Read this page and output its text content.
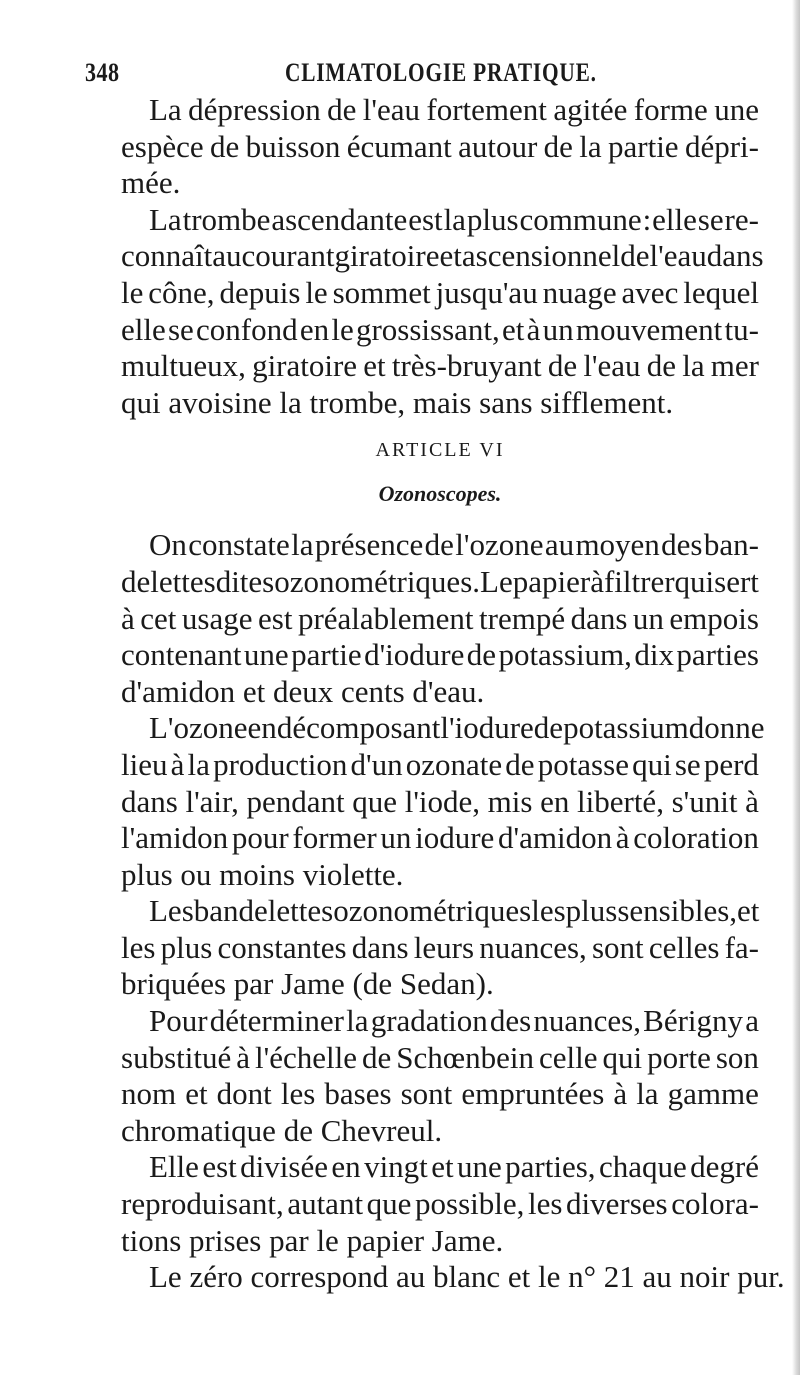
348	CLIMATOLOGIE PRATIQUE.
La dépression de l'eau fortement agitée forme une
espèce de buisson écumant autour de la partie dépri-
mée.
La trombe ascendante est la plus commune : elle se re-
connaît au courant giratoire et ascensionnel de l'eau dans
le cône, depuis le sommet jusqu'au nuage avec lequel
elle se confond en le grossissant, et à un mouvement tu-
multueux, giratoire et très-bruyant de l'eau de la mer
qui avoisine la trombe, mais sans sifflement.
ARTICLE VI
Ozonoscopes.
On constate la présence de l'ozone au moyen des ban-
delettes dites ozonométriques. Le papier à filtrer qui sert
à cet usage est préalablement trempé dans un empois
contenant une partie d'iodure de potassium, dix parties
d'amidon et deux cents d'eau.
L'ozone en décomposant l'iodure de potassium donne
lieu à la production d'un ozonate de potasse qui se perd
dans l'air, pendant que l'iode, mis en liberté, s'unit à
l'amidon pour former un iodure d'amidon à coloration
plus ou moins violette.
Les bandelettes ozonométriques les plus sensibles, et
les plus constantes dans leurs nuances, sont celles fa-
briquées par Jame (de Sedan).
Pour déterminer la gradation des nuances, Bérigny a
substitué à l'échelle de Schœnbein celle qui porte son
nom et dont les bases sont empruntées à la gamme
chromatique de Chevreul.
Elle est divisée en vingt et une parties, chaque degré
reproduisant, autant que possible, les diverses colora-
tions prises par le papier Jame.
Le zéro correspond au blanc et le n° 21 au noir pur.
